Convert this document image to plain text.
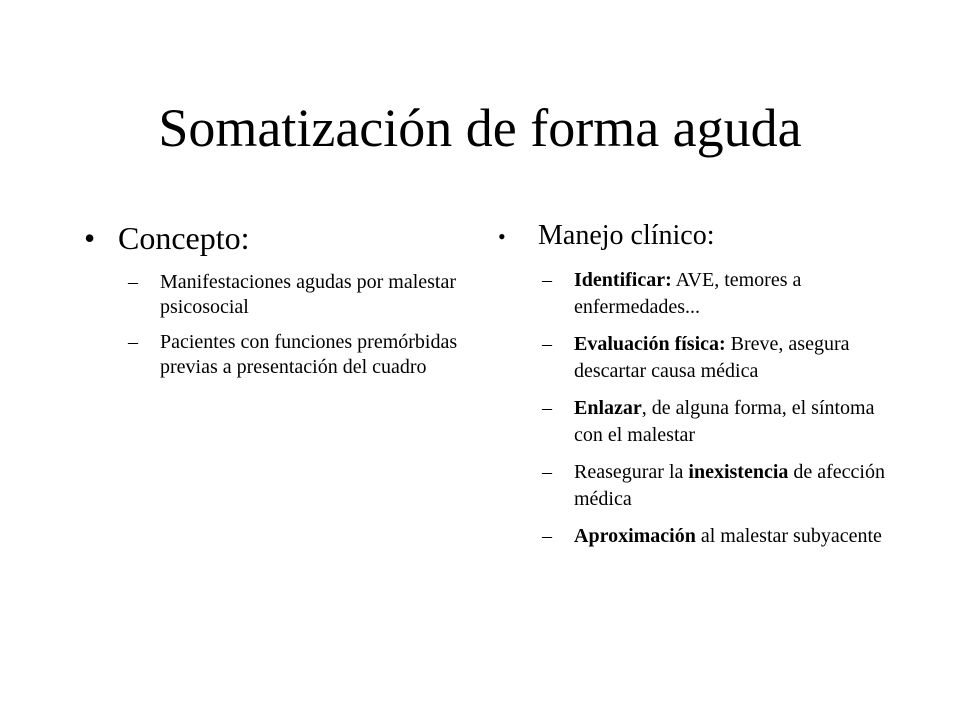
Somatización de forma aguda
• Concepto:
–	Manifestaciones agudas por malestar psicosocial
–	Pacientes con funciones premórbidas previas a presentación del cuadro
•	Manejo clínico:
–	Identificar: AVE, temores a enfermedades...
–	Evaluación física: Breve, asegura descartar causa médica
–	Enlazar, de alguna forma, el síntoma con el malestar
–	Reasegurar la inexistencia de afección médica
–	Aproximación al malestar subyacente
